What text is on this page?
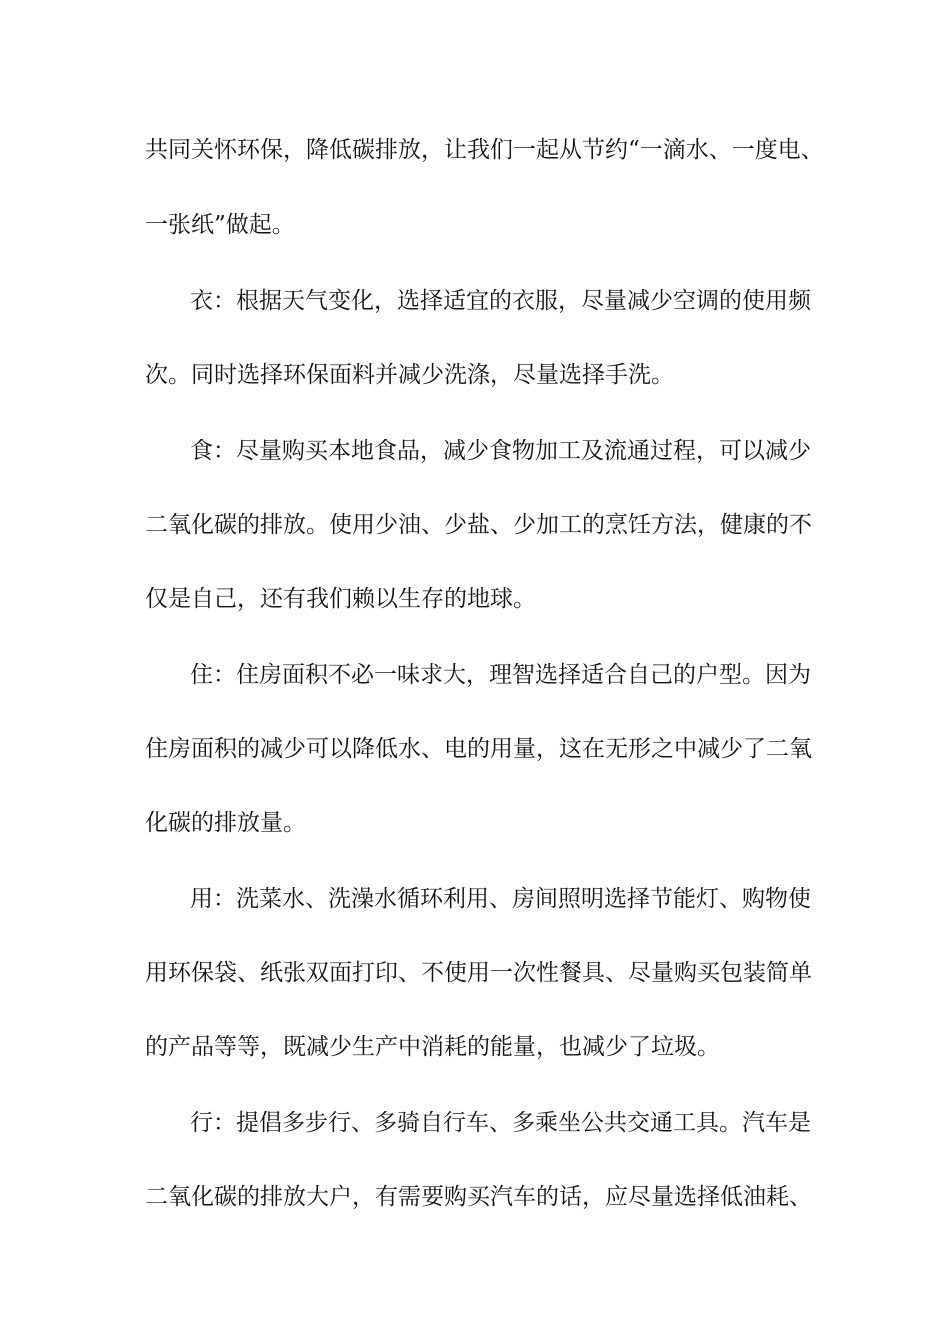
共同关怀环保，降低碳排放，让我们一起从节约“一滴水、一度电、
一张纸”做起。
衣：根据天气变化，选择适宜的衣服，尽量减少空调的使用频
次。同时选择环保面料并减少洗涤，尽量选择手洗。
食：尽量购买本地食品，减少食物加工及流通过程，可以减少
二氧化碳的排放。使用少油、少盐、少加工的烹饪方法，健康的不
仅是自己，还有我们赖以生存的地球。
住：住房面积不必一味求大，理智选择适合自己的户型。因为
住房面积的减少可以降低水、电的用量，这在无形之中减少了二氧
化碳的排放量。
用：洗菜水、洗澡水循环利用、房间照明选择节能灯、购物使
用环保袋、纸张双面打印、不使用一次性餐具、尽量购买包装简单
的产品等等，既减少生产中消耗的能量，也减少了垃圾。
行：提倡多步行、多骑自行车、多乘坐公共交通工具。汽车是
二氧化碳的排放大户，有需要购买汽车的话，应尽量选择低油耗、
